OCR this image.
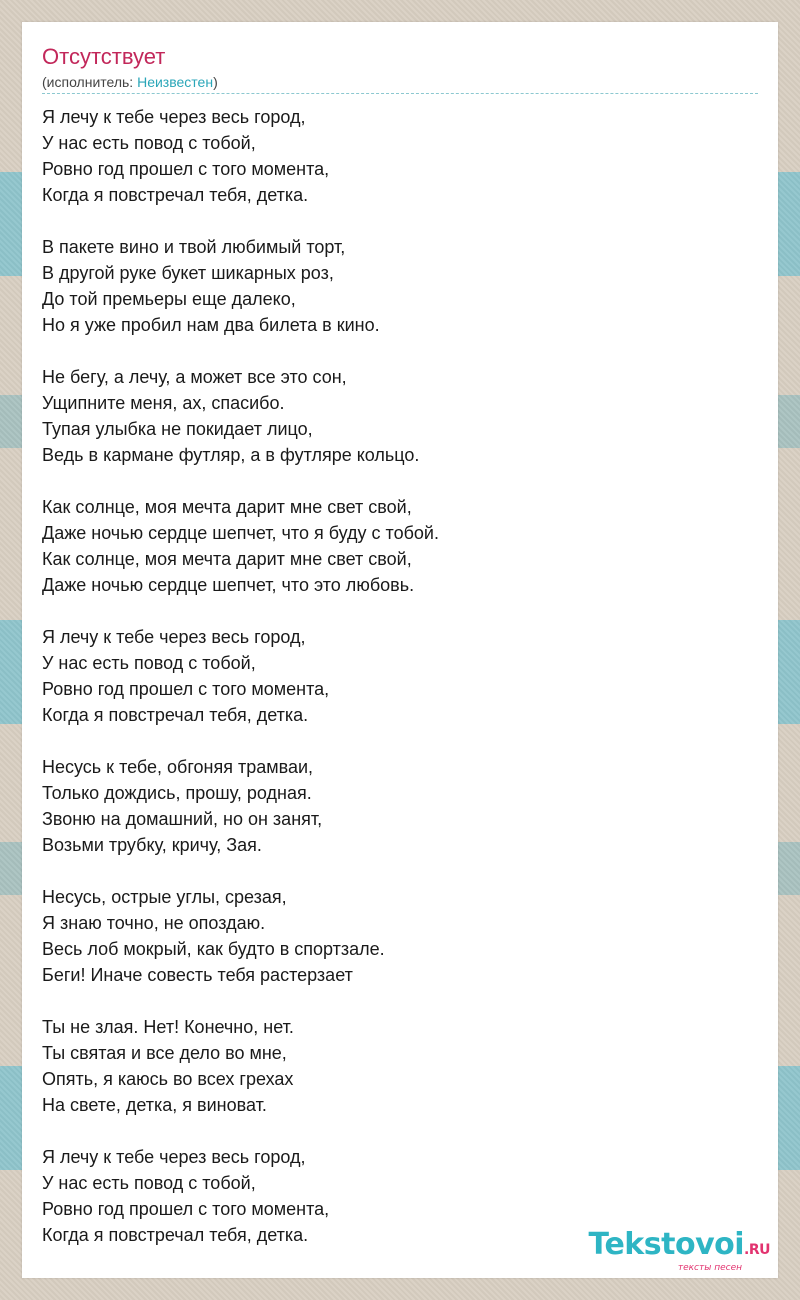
Отсутствует
(исполнитель: Неизвестен)
Я лечу к тебе через весь город,
У нас есть повод с тобой,
Ровно год прошел с того момента,
Когда я повстречал тебя, детка.
В пакете вино и твой любимый торт,
В другой руке букет шикарных роз,
До той премьеры еще далеко,
Но я уже пробил нам два билета в кино.
Не бегу, а лечу, а может все это сон,
Ущипните меня, ах, спасибо.
Тупая улыбка не покидает лицо,
Ведь в кармане футляр, а в футляре кольцо.
Как солнце, моя мечта дарит мне свет свой,
Даже ночью сердце шепчет, что я буду с тобой.
Как солнце, моя мечта дарит мне свет свой,
Даже ночью сердце шепчет, что это любовь.
Я лечу к тебе через весь город,
У нас есть повод с тобой,
Ровно год прошел с того момента,
Когда я повстречал тебя, детка.
Несусь к тебе, обгоняя трамваи,
Только дождись, прошу, родная.
Звоню на домашний, но он занят,
Возьми трубку, кричу, Зая.
Несусь, острые углы, срезая,
Я знаю точно, не опоздаю.
Весь лоб мокрый, как будто в спортзале.
Беги! Иначе совесть тебя растерзает
Ты не злая. Нет! Конечно, нет.
Ты святая и все дело во мне,
Опять, я каюсь во всех грехах
На свете, детка, я виноват.
Я лечу к тебе через весь город,
У нас есть повод с тобой,
Ровно год прошел с того момента,
Когда я повстречал тебя, детка.	Tekstovoi.RU
тексты песен
